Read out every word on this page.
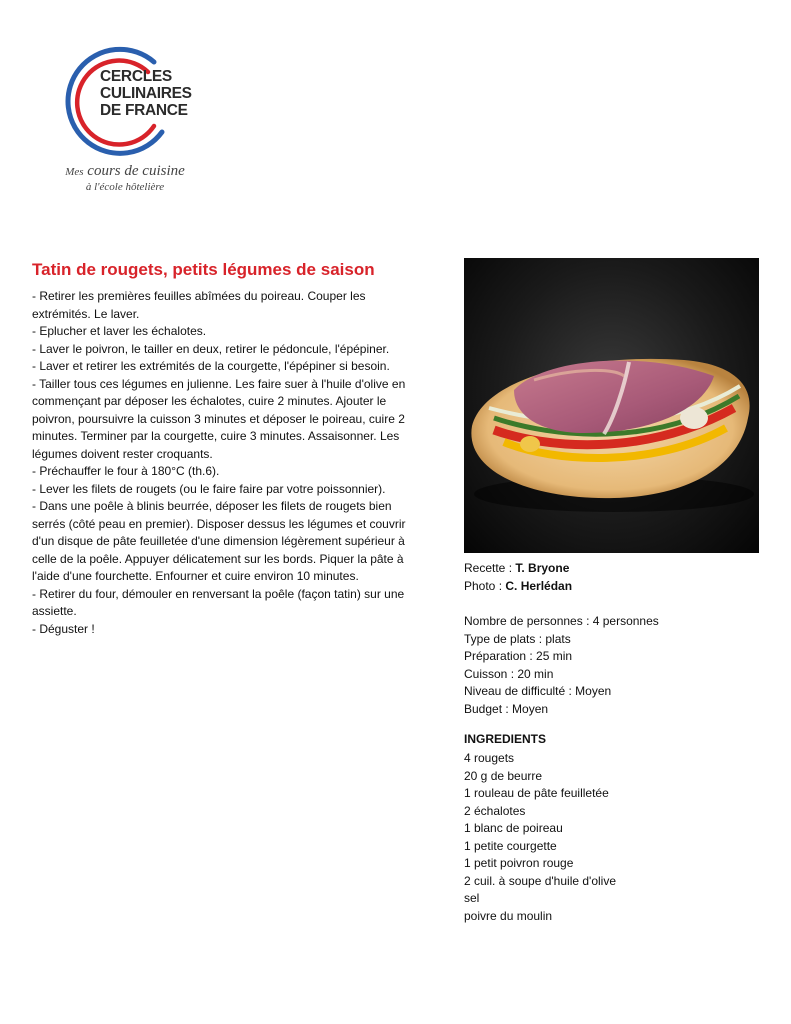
CERCLES
CULINAIRES
DE FRANCE
Mes cours de cuisine
à l'école hôtelière
Tatin de rougets, petits légumes de saison
- Retirer les premières feuilles abîmées du poireau. Couper les extrémités. Le laver.
- Eplucher et laver les échalotes.
- Laver le poivron, le tailler en deux, retirer le pédoncule, l'épépiner.
- Laver et retirer les extrémités de la courgette, l'épépiner si besoin.
- Tailler tous ces légumes en julienne. Les faire suer à l'huile d'olive en commençant par déposer les échalotes, cuire 2 minutes. Ajouter le poivron, poursuivre la cuisson 3 minutes et déposer le poireau, cuire 2 minutes. Terminer par la courgette, cuire 3 minutes. Assaisonner. Les légumes doivent rester croquants.
- Préchauffer le four à 180°C (th.6).
- Lever les filets de rougets (ou le faire faire par votre poissonnier).
- Dans une poêle à blinis beurrée, déposer les filets de rougets bien serrés (côté peau en premier). Disposer dessus les légumes et couvrir d'un disque de pâte feuilletée d'une dimension légèrement supérieur à celle de la poêle. Appuyer délicatement sur les bords. Piquer la pâte à l'aide d'une fourchette. Enfourner et cuire environ 10 minutes.
- Retirer du four, démouler en renversant la poêle (façon tatin) sur une assiette.
- Déguster !
Recette : T. Bryone
Photo : C. Herlédan
Nombre de personnes : 4 personnes
Type de plats : plats
Préparation : 25 min
Cuisson : 20 min
Niveau de difficulté : Moyen
Budget : Moyen
INGREDIENTS
4 rougets
20 g de beurre
1 rouleau de pâte feuilletée
2 échalotes
1 blanc de poireau
1 petite courgette
1 petit poivron rouge
2 cuil. à soupe d'huile d'olive
sel
poivre du moulin
